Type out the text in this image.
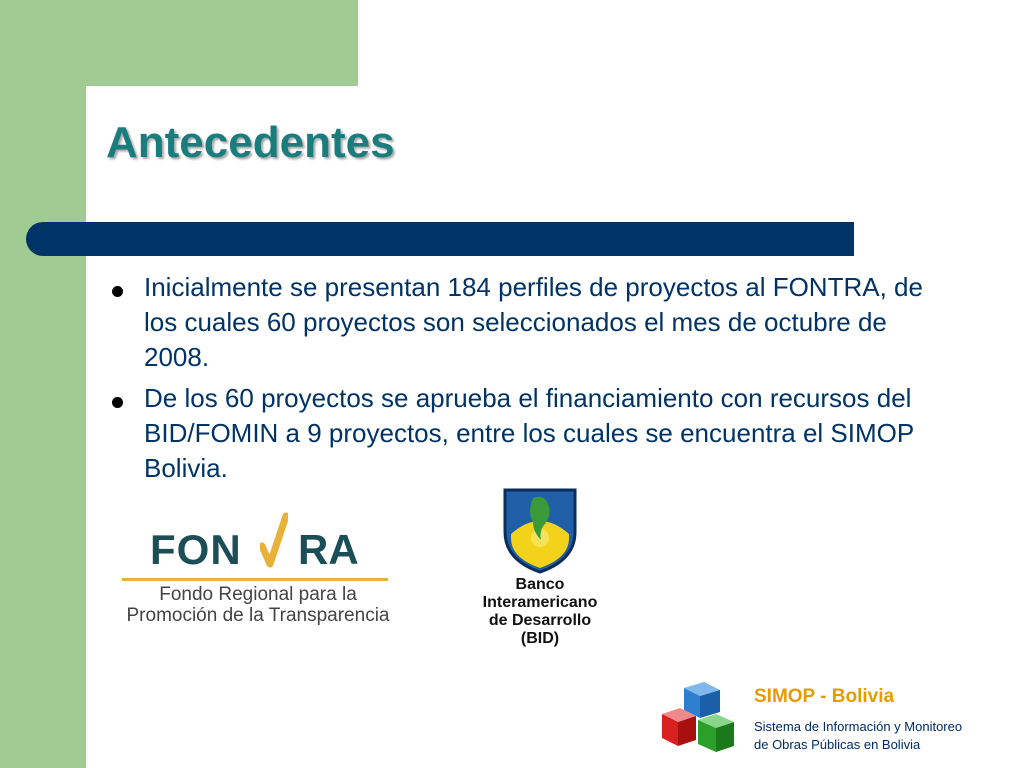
Antecedentes
Inicialmente se presentan 184 perfiles de proyectos al FONTRA, de los cuales 60 proyectos son seleccionados el mes de octubre de 2008.
De los 60 proyectos se aprueba el financiamiento con recursos del BID/FOMIN a 9 proyectos, entre los cuales se encuentra el SIMOP Bolivia.
FON RA
Fondo Regional para la
Promoción de la Transparencia
Banco
Interamericano
de Desarrollo
(BID)
SIMOP - Bolivia
Sistema de Información y Monitoreo
de Obras Públicas en Bolivia
